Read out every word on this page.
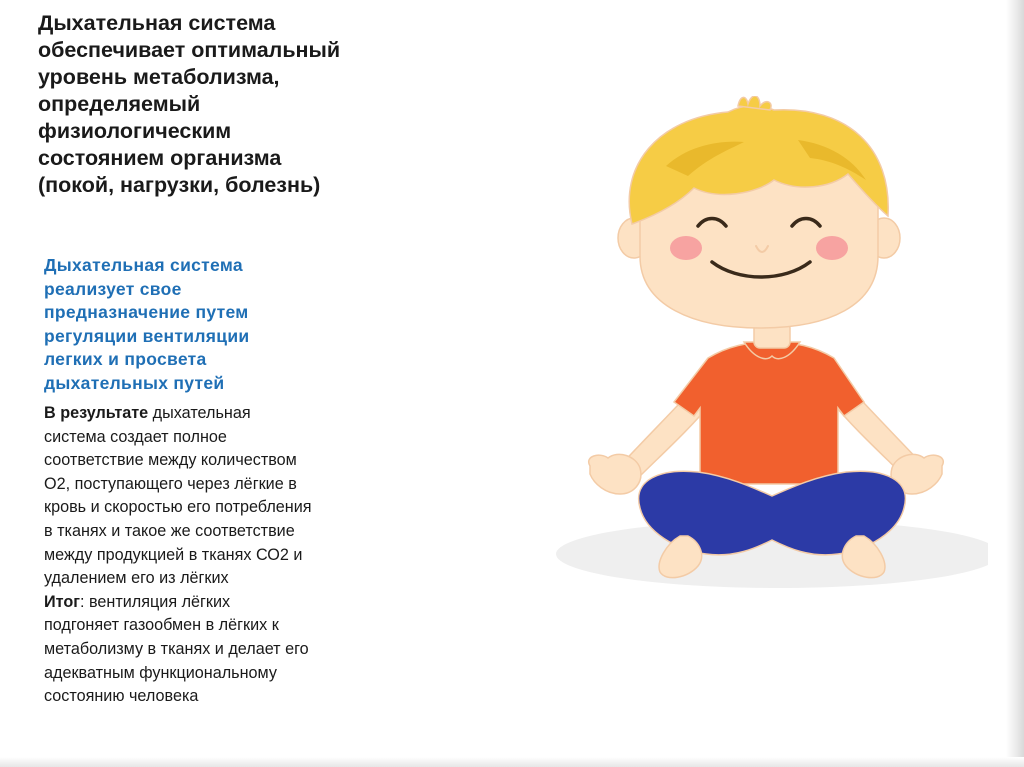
Дыхательная система
обеспечивает оптимальный
уровень метаболизма,
определяемый
физиологическим
состоянием организма
(покой, нагрузки, болезнь)

Дыхательная система
реализует свое
предназначение путем
регуляции вентиляции
легких и просвета
дыхательных путей

В результате дыхательная
система создает полное
соответствие между количеством
О2, поступающего через лёгкие в
кровь и скоростью его потребления
в тканях и такое же соответствие
между продукцией в тканях СО2 и
удалением его из лёгких
Итог: вентиляция лёгких
подгоняет газообмен в лёгких к
метаболизму в тканях и делает его
адекватным функциональному
состоянию человека
